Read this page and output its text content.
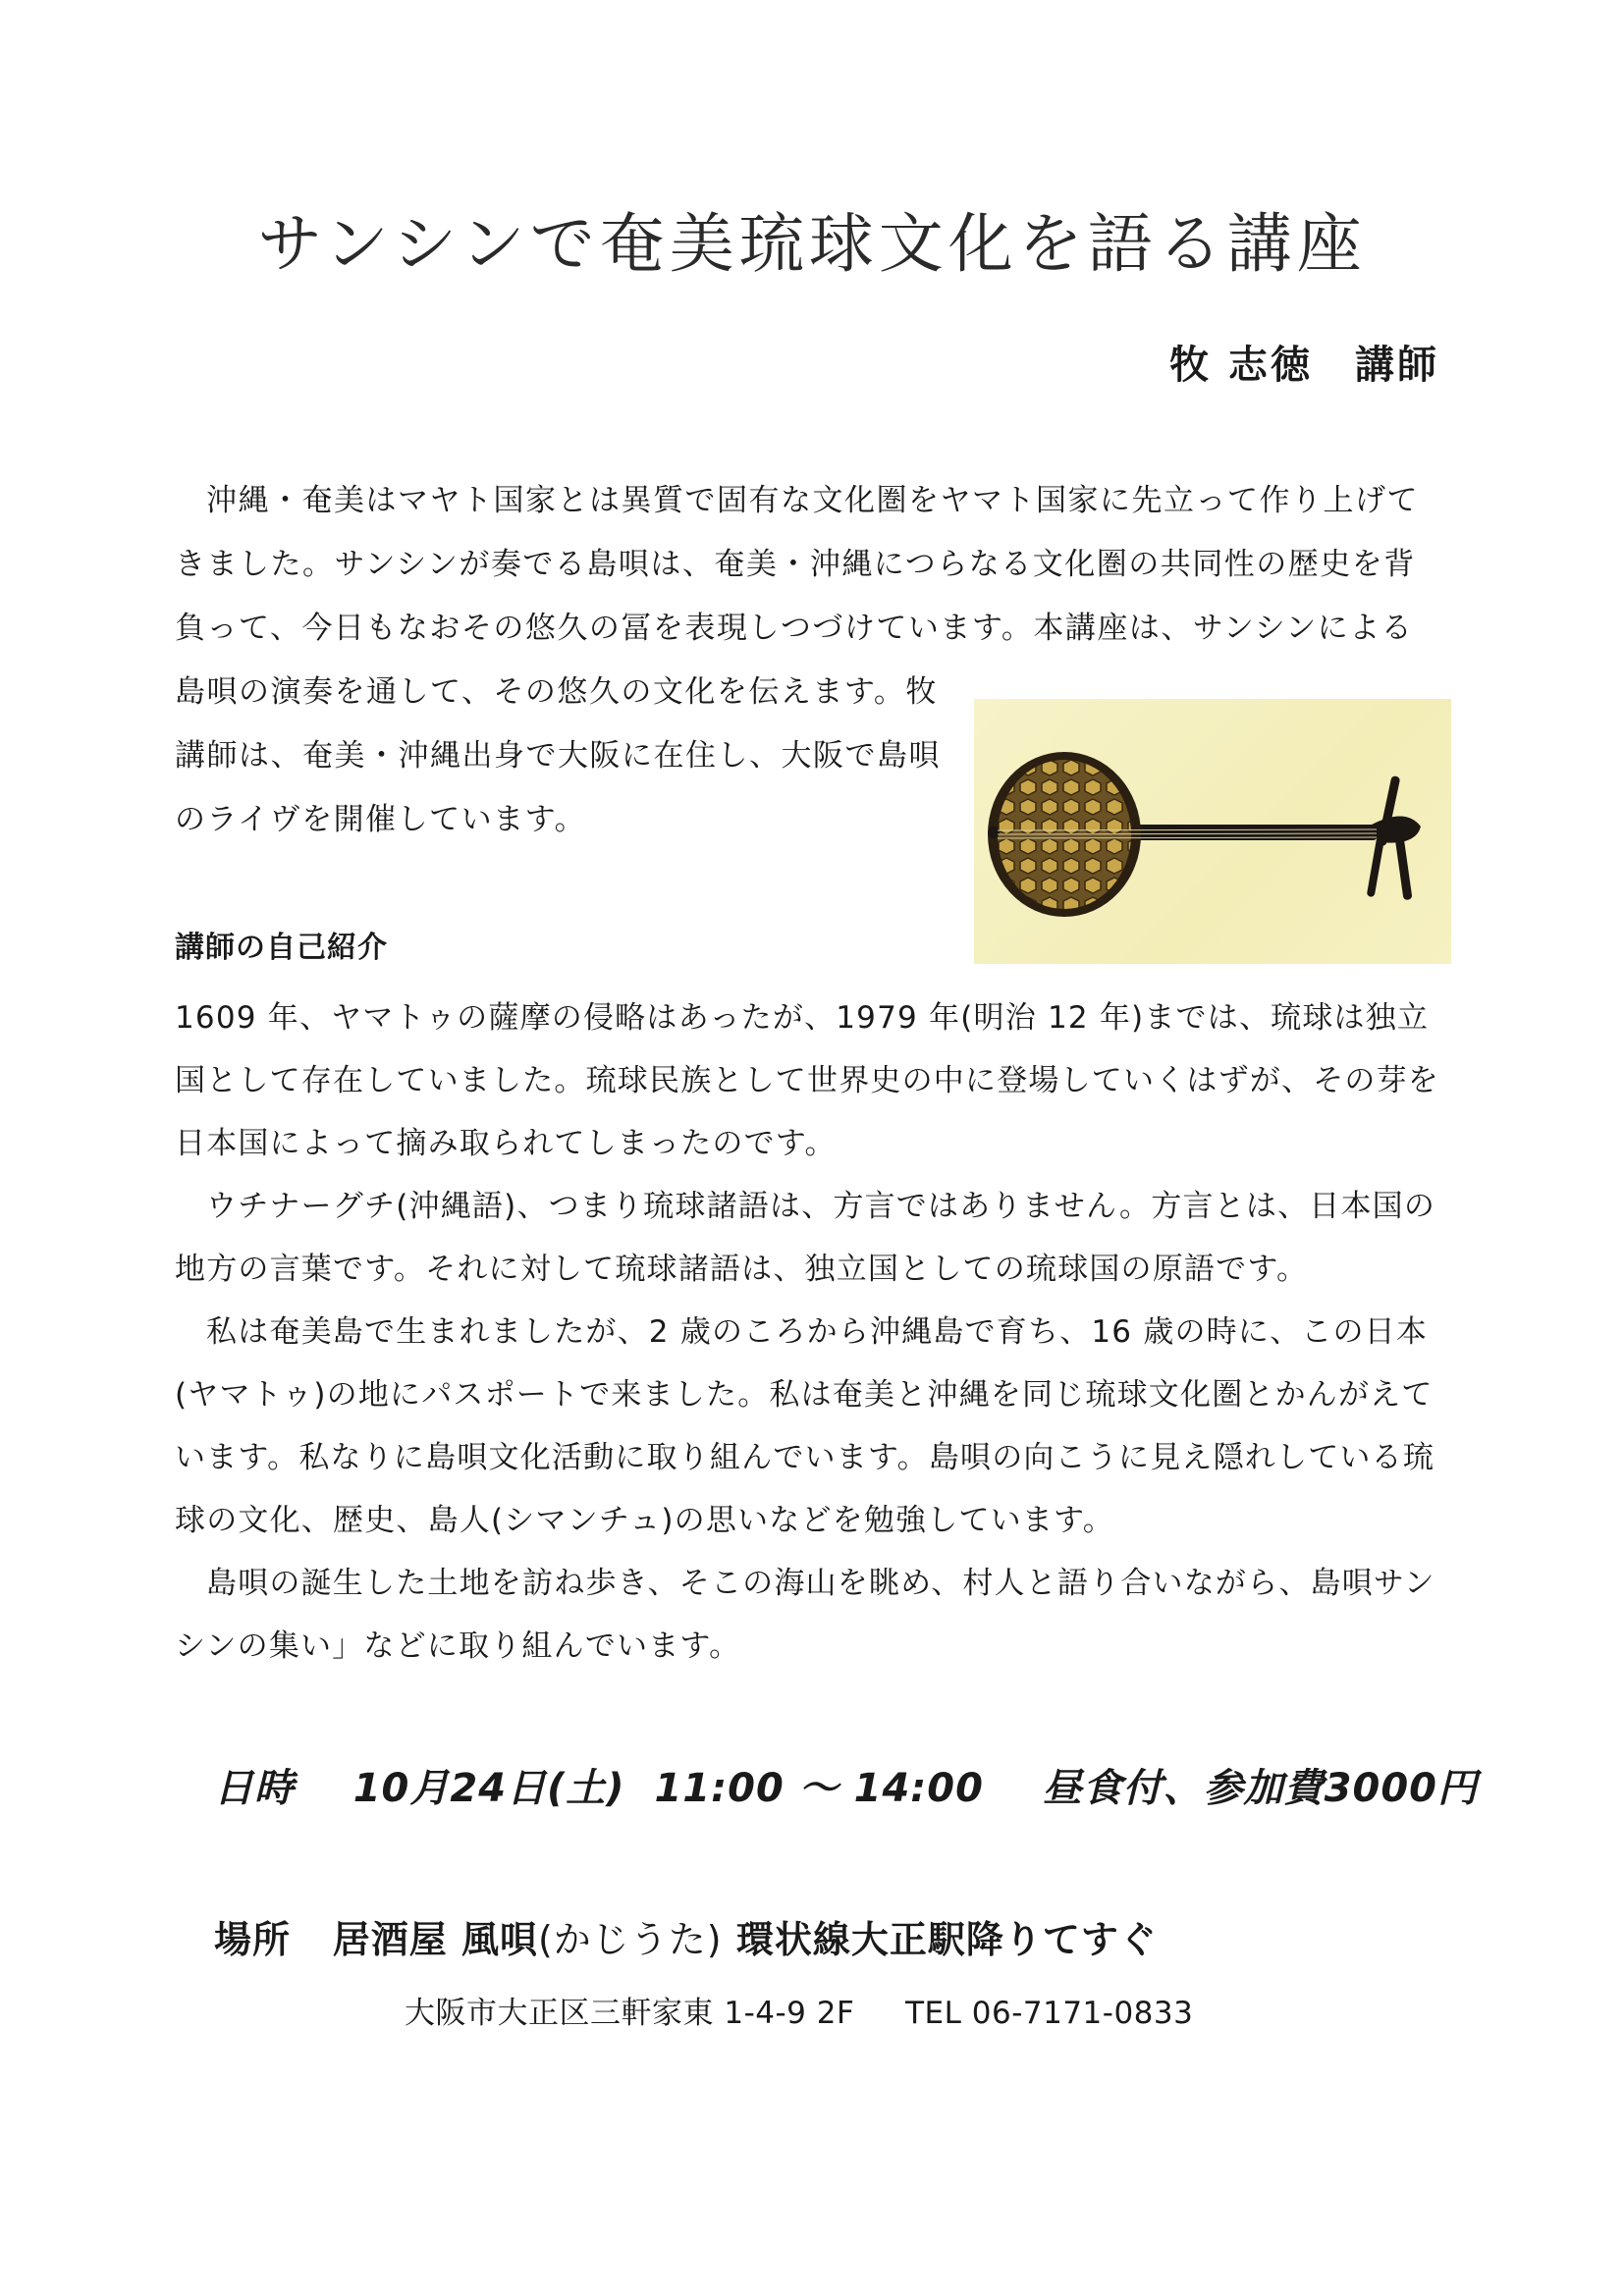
サンシンで奄美琉球文化を語る講座
牧 志徳　講師
沖縄・奄美はマヤト国家とは異質で固有な文化圏をヤマト国家に先立って作り上げて
きました。サンシンが奏でる島唄は、奄美・沖縄につらなる文化圏の共同性の歴史を背
負って、今日もなおその悠久の冨を表現しつづけています。本講座は、サンシンによる
島唄の演奏を通して、その悠久の文化を伝えます。牧
講師は、奄美・沖縄出身で大阪に在住し、大阪で島唄
のライヴを開催しています。
講師の自己紹介

1609 年、ヤマトゥの薩摩の侵略はあったが、1979 年(明治 12 年)までは、琉球は独立国として存在していました。琉球民族として世界史の中に登場していくはずが、その芽を日本国によって摘み取られてしまったのです。

ウチナーグチ(沖縄語)、つまり琉球諸語は、方言ではありません。方言とは、日本国の地方の言葉です。それに対して琉球諸語は、独立国としての琉球国の原語です。

私は奄美島で生まれましたが、2 歳のころから沖縄島で育ち、16 歳の時に、この日本(ヤマトゥ)の地にパスポートで来ました。私は奄美と沖縄を同じ琉球文化圏とかんがえています。私なりに島唄文化活動に取り組んでいます。島唄の向こうに見え隠れしている琉球の文化、歴史、島人(シマンチュ)の思いなどを勉強しています。

島唄の誕生した土地を訪ね歩き、そこの海山を眺め、村人と語り合いながら、島唄サンシンの集い」などに取り組んでいます。

日時 10月24日(土) 11:00 ～ 14:00 昼食付、参加費3000円
場所 居酒屋 風唄(かじうた) 環状線大正駅降りてすぐ
大阪市大正区三軒家東 1-4-9 2F TEL 06-7171-0833
